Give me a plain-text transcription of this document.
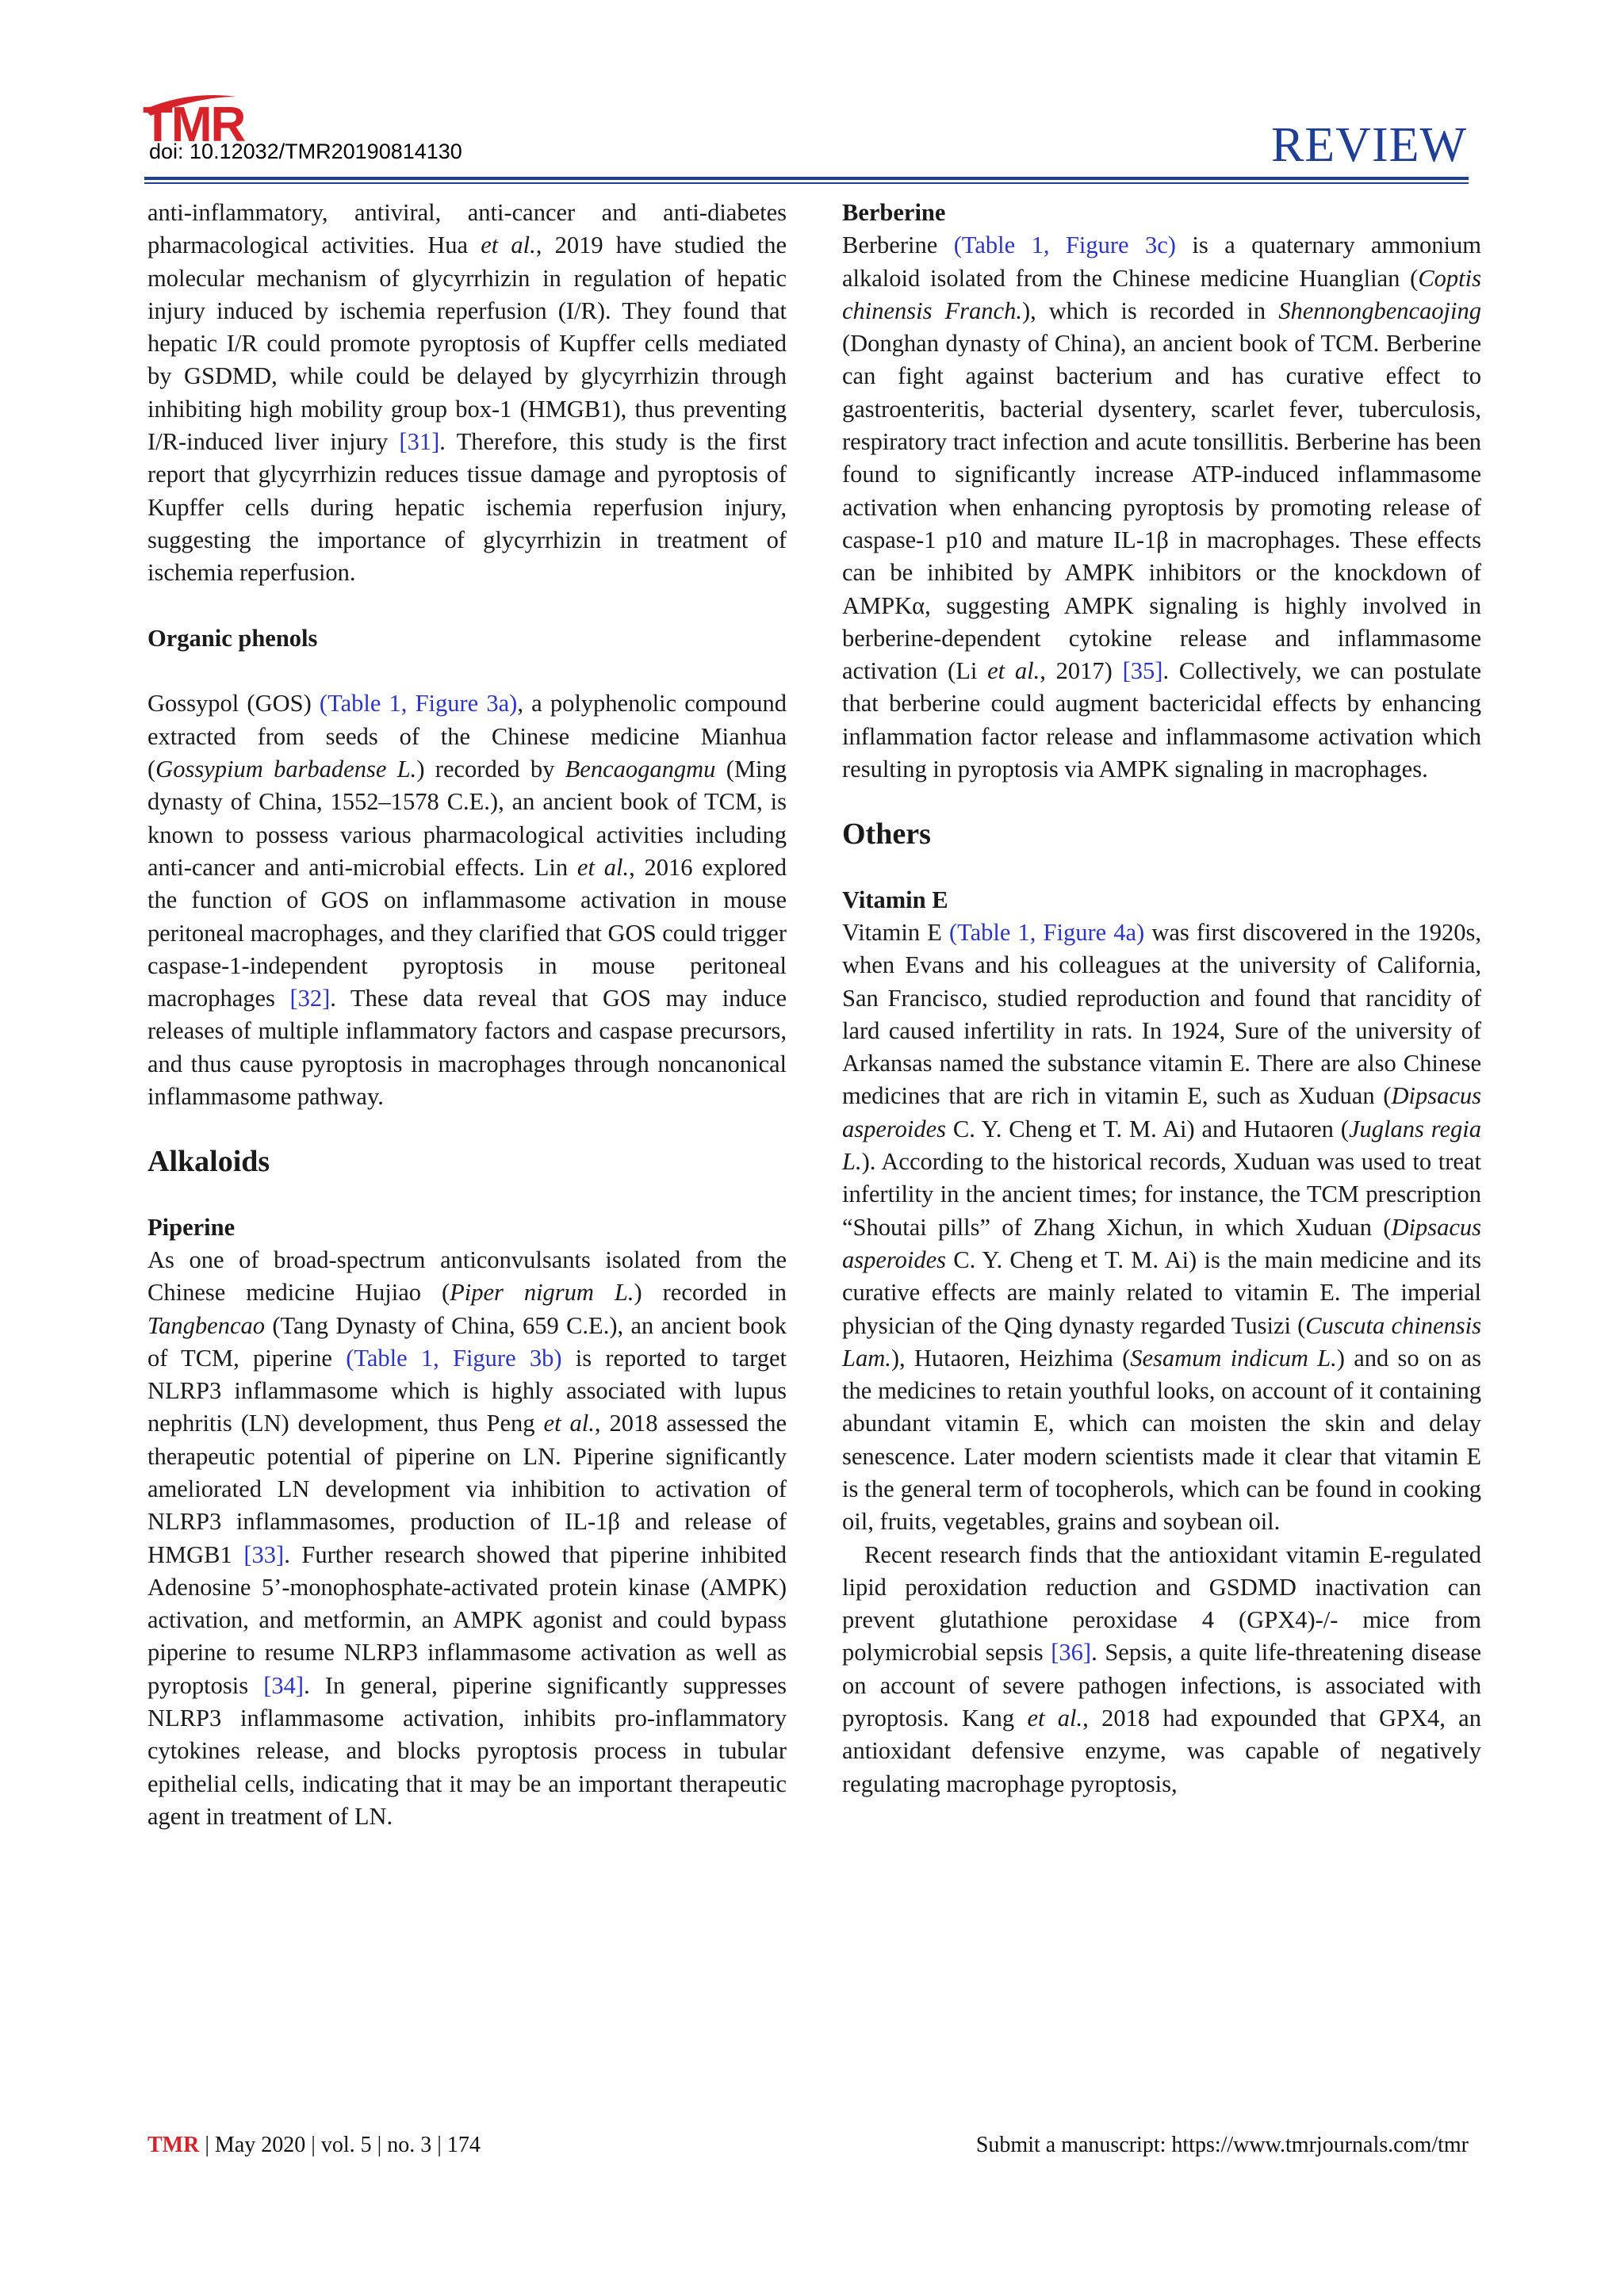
TMR
doi: 10.12032/TMR20190814130	REVIEW

anti-inflammatory, antiviral, anti-cancer and anti-diabetes pharmacological activities. Hua et al., 2019 have studied the molecular mechanism of glycyrrhizin in regulation of hepatic injury induced by ischemia reperfusion (I/R). They found that hepatic I/R could promote pyroptosis of Kupffer cells mediated by GSDMD, while could be delayed by glycyrrhizin through inhibiting high mobility group box-1 (HMGB1), thus preventing I/R-induced liver injury [31]. Therefore, this study is the first report that glycyrrhizin reduces tissue damage and pyroptosis of Kupffer cells during hepatic ischemia reperfusion injury, suggesting the importance of glycyrrhizin in treatment of ischemia reperfusion.

Organic phenols

Gossypol (GOS) (Table 1, Figure 3a), a polyphenolic compound extracted from seeds of the Chinese medicine Mianhua (Gossypium barbadense L.) recorded by Bencaogangmu (Ming dynasty of China, 1552–1578 C.E.), an ancient book of TCM, is known to possess various pharmacological activities including anti-cancer and anti-microbial effects. Lin et al., 2016 explored the function of GOS on inflammasome activation in mouse peritoneal macrophages, and they clarified that GOS could trigger caspase-1-independent pyroptosis in mouse peritoneal macrophages [32]. These data reveal that GOS may induce releases of multiple inflammatory factors and caspase precursors, and thus cause pyroptosis in macrophages through noncanonical inflammasome pathway.

Alkaloids
Piperine

As one of broad-spectrum anticonvulsants isolated from the Chinese medicine Hujiao (Piper nigrum L.) recorded in Tangbencao (Tang Dynasty of China, 659 C.E.), an ancient book of TCM, piperine (Table 1, Figure 3b) is reported to target NLRP3 inflammasome which is highly associated with lupus nephritis (LN) development, thus Peng et al., 2018 assessed the therapeutic potential of piperine on LN. Piperine significantly ameliorated LN development via inhibition to activation of NLRP3 inflammasomes, production of IL-1β and release of HMGB1 [33]. Further research showed that piperine inhibited Adenosine 5’-monophosphate-activated protein kinase (AMPK) activation, and metformin, an AMPK agonist and could bypass piperine to resume NLRP3 inflammasome activation as well as pyroptosis [34]. In general, piperine significantly suppresses NLRP3 inflammasome activation, inhibits pro-inflammatory cytokines release, and blocks pyroptosis process in tubular epithelial cells, indicating that it may be an important therapeutic agent in treatment of LN.

Berberine

Berberine (Table 1, Figure 3c) is a quaternary ammonium alkaloid isolated from the Chinese medicine Huanglian (Coptis chinensis Franch.), which is recorded in Shennongbencaojing (Donghan dynasty of China), an ancient book of TCM. Berberine can fight against bacterium and has curative effect to gastroenteritis, bacterial dysentery, scarlet fever, tuberculosis, respiratory tract infection and acute tonsillitis. Berberine has been found to significantly increase ATP-induced inflammasome activation when enhancing pyroptosis by promoting release of caspase-1 p10 and mature IL-1β in macrophages. These effects can be inhibited by AMPK inhibitors or the knockdown of AMPKα, suggesting AMPK signaling is highly involved in berberine-dependent cytokine release and inflammasome activation (Li et al., 2017) [35]. Collectively, we can postulate that berberine could augment bactericidal effects by enhancing inflammation factor release and inflammasome activation which resulting in pyroptosis via AMPK signaling in macrophages.

Others
Vitamin E

Vitamin E (Table 1, Figure 4a) was first discovered in the 1920s, when Evans and his colleagues at the university of California, San Francisco, studied reproduction and found that rancidity of lard caused infertility in rats. In 1924, Sure of the university of Arkansas named the substance vitamin E. There are also Chinese medicines that are rich in vitamin E, such as Xuduan (Dipsacus asperoides C. Y. Cheng et T. M. Ai) and Hutaoren (Juglans regia L.). According to the historical records, Xuduan was used to treat infertility in the ancient times; for instance, the TCM prescription “Shoutai pills” of Zhang Xichun, in which Xuduan (Dipsacus asperoides C. Y. Cheng et T. M. Ai) is the main medicine and its curative effects are mainly related to vitamin E. The imperial physician of the Qing dynasty regarded Tusizi (Cuscuta chinensis Lam.), Hutaoren, Heizhima (Sesamum indicum L.) and so on as the medicines to retain youthful looks, on account of it containing abundant vitamin E, which can moisten the skin and delay senescence. Later modern scientists made it clear that vitamin E is the general term of tocopherols, which can be found in cooking oil, fruits, vegetables, grains and soybean oil.

Recent research finds that the antioxidant vitamin E-regulated lipid peroxidation reduction and GSDMD inactivation can prevent glutathione peroxidase 4 (GPX4)-/- mice from polymicrobial sepsis [36]. Sepsis, a quite life-threatening disease on account of severe pathogen infections, is associated with pyroptosis. Kang et al., 2018 had expounded that GPX4, an antioxidant defensive enzyme, was capable of negatively regulating macrophage pyroptosis,

TMR | May 2020 | vol. 5 | no. 3 | 174	Submit a manuscript: https://www.tmrjournals.com/tmr
